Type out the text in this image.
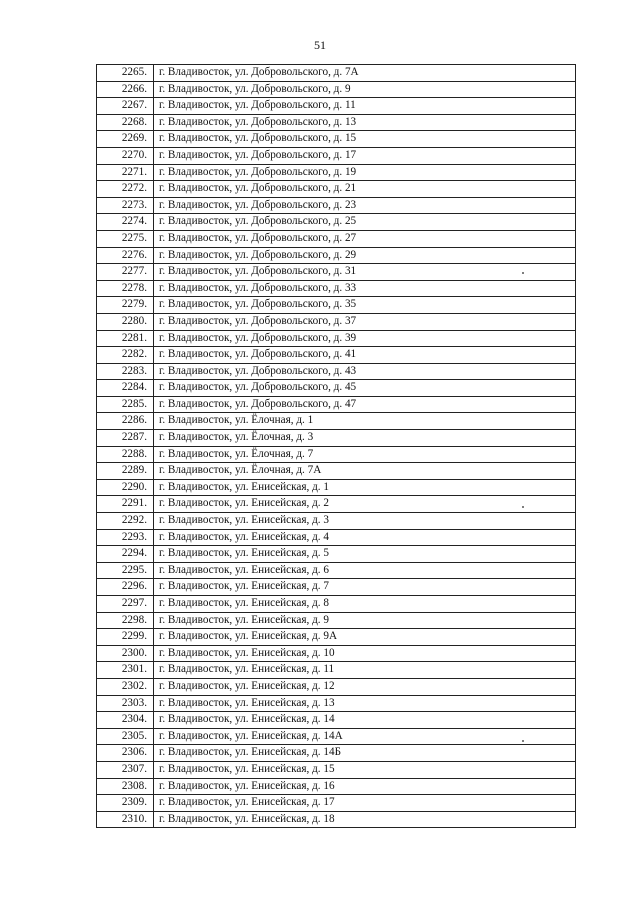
51
2265.	г. Владивосток, ул. Добровольского, д. 7А
2266.	г. Владивосток, ул. Добровольского, д. 9
2267.	г. Владивосток, ул. Добровольского, д. 11
2268.	г. Владивосток, ул. Добровольского, д. 13
2269.	г. Владивосток, ул. Добровольского, д. 15
2270.	г. Владивосток, ул. Добровольского, д. 17
2271.	г. Владивосток, ул. Добровольского, д. 19
2272.	г. Владивосток, ул. Добровольского, д. 21
2273.	г. Владивосток, ул. Добровольского, д. 23
2274.	г. Владивосток, ул. Добровольского, д. 25
2275.	г. Владивосток, ул. Добровольского, д. 27
2276.	г. Владивосток, ул. Добровольского, д. 29
2277.	г. Владивосток, ул. Добровольского, д. 31
2278.	г. Владивосток, ул. Добровольского, д. 33
2279.	г. Владивосток, ул. Добровольского, д. 35
2280.	г. Владивосток, ул. Добровольского, д. 37
2281.	г. Владивосток, ул. Добровольского, д. 39
2282.	г. Владивосток, ул. Добровольского, д. 41
2283.	г. Владивосток, ул. Добровольского, д. 43
2284.	г. Владивосток, ул. Добровольского, д. 45
2285.	г. Владивосток, ул. Добровольского, д. 47
2286.	г. Владивосток, ул. Ёлочная, д. 1
2287.	г. Владивосток, ул. Ёлочная, д. 3
2288.	г. Владивосток, ул. Ёлочная, д. 7
2289.	г. Владивосток, ул. Ёлочная, д. 7А
2290.	г. Владивосток, ул. Енисейская, д. 1
2291.	г. Владивосток, ул. Енисейская, д. 2
2292.	г. Владивосток, ул. Енисейская, д. 3
2293.	г. Владивосток, ул. Енисейская, д. 4
2294.	г. Владивосток, ул. Енисейская, д. 5
2295.	г. Владивосток, ул. Енисейская, д. 6
2296.	г. Владивосток, ул. Енисейская, д. 7
2297.	г. Владивосток, ул. Енисейская, д. 8
2298.	г. Владивосток, ул. Енисейская, д. 9
2299.	г. Владивосток, ул. Енисейская, д. 9А
2300.	г. Владивосток, ул. Енисейская, д. 10
2301.	г. Владивосток, ул. Енисейская, д. 11
2302.	г. Владивосток, ул. Енисейская, д. 12
2303.	г. Владивосток, ул. Енисейская, д. 13
2304.	г. Владивосток, ул. Енисейская, д. 14
2305.	г. Владивосток, ул. Енисейская, д. 14А
2306.	г. Владивосток, ул. Енисейская, д. 14Б
2307.	г. Владивосток, ул. Енисейская, д. 15
2308.	г. Владивосток, ул. Енисейская, д. 16
2309.	г. Владивосток, ул. Енисейская, д. 17
2310.	г. Владивосток, ул. Енисейская, д. 18
